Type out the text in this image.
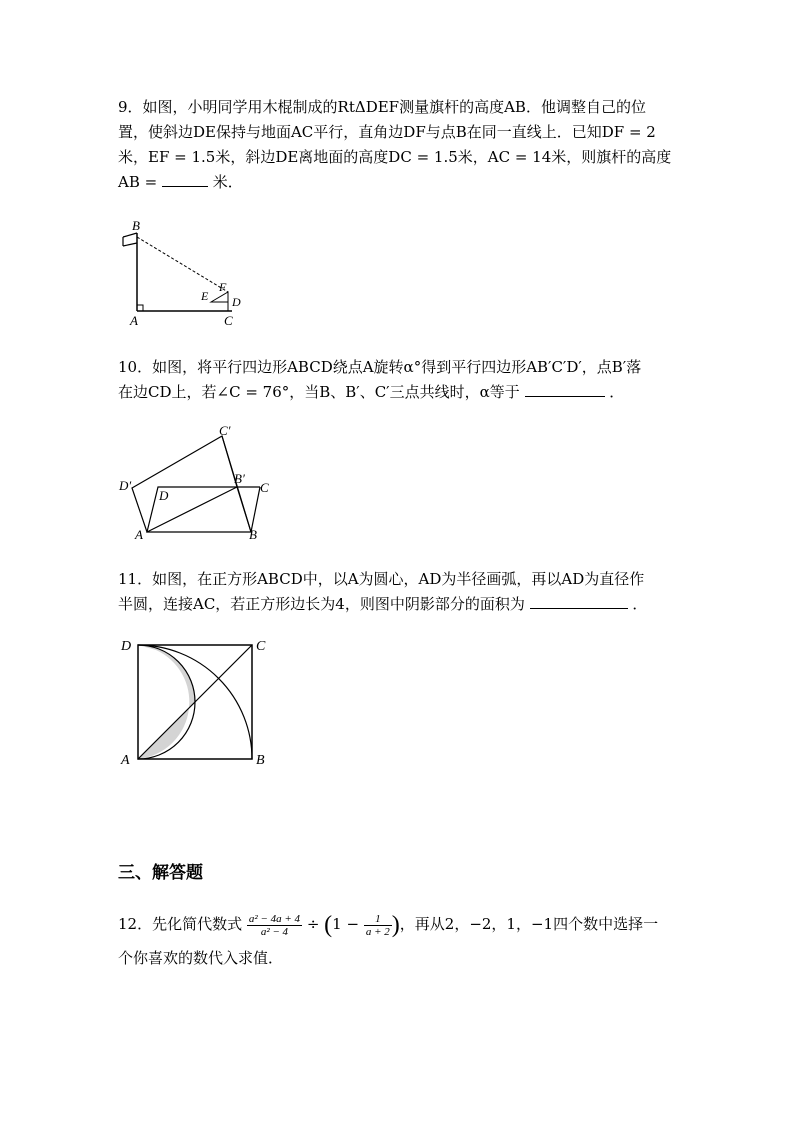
9．如图，小明同学用木棍制成的RtΔDEF测量旗杆的高度AB．他调整自己的位
置，使斜边DE保持与地面AC平行，直角边DF与点B在同一直线上．已知DF = 2
米，EF = 1.5米，斜边DE离地面的高度DC = 1.5米，AC = 14米，则旗杆的高度
AB =	米．
B
A	C
E
F
D
10．如图，将平行四边形ABCD绕点A旋转α°得到平行四边形AB′C′D′，点B′落
在边CD上，若∠C = 76°，当B、B′、C′三点共线时，α等于	．
C′
D′
D
B′
C
A	B
11．如图，在正方形ABCD中，以A为圆心，AD为半径画弧，再以AD为直径作
半圆，连接AC，若正方形边长为4，则图中阴影部分的面积为	．
D	C
A	B
三、解答题
12．先化简代数式 $\frac{\text{a² − 4a + 4}}{\text{a² − 4}} \div (1 - \frac{1}{a + 2}$ )，再从2，−2，1，−1四个数中选择一
个你喜欢的数代入求值．
